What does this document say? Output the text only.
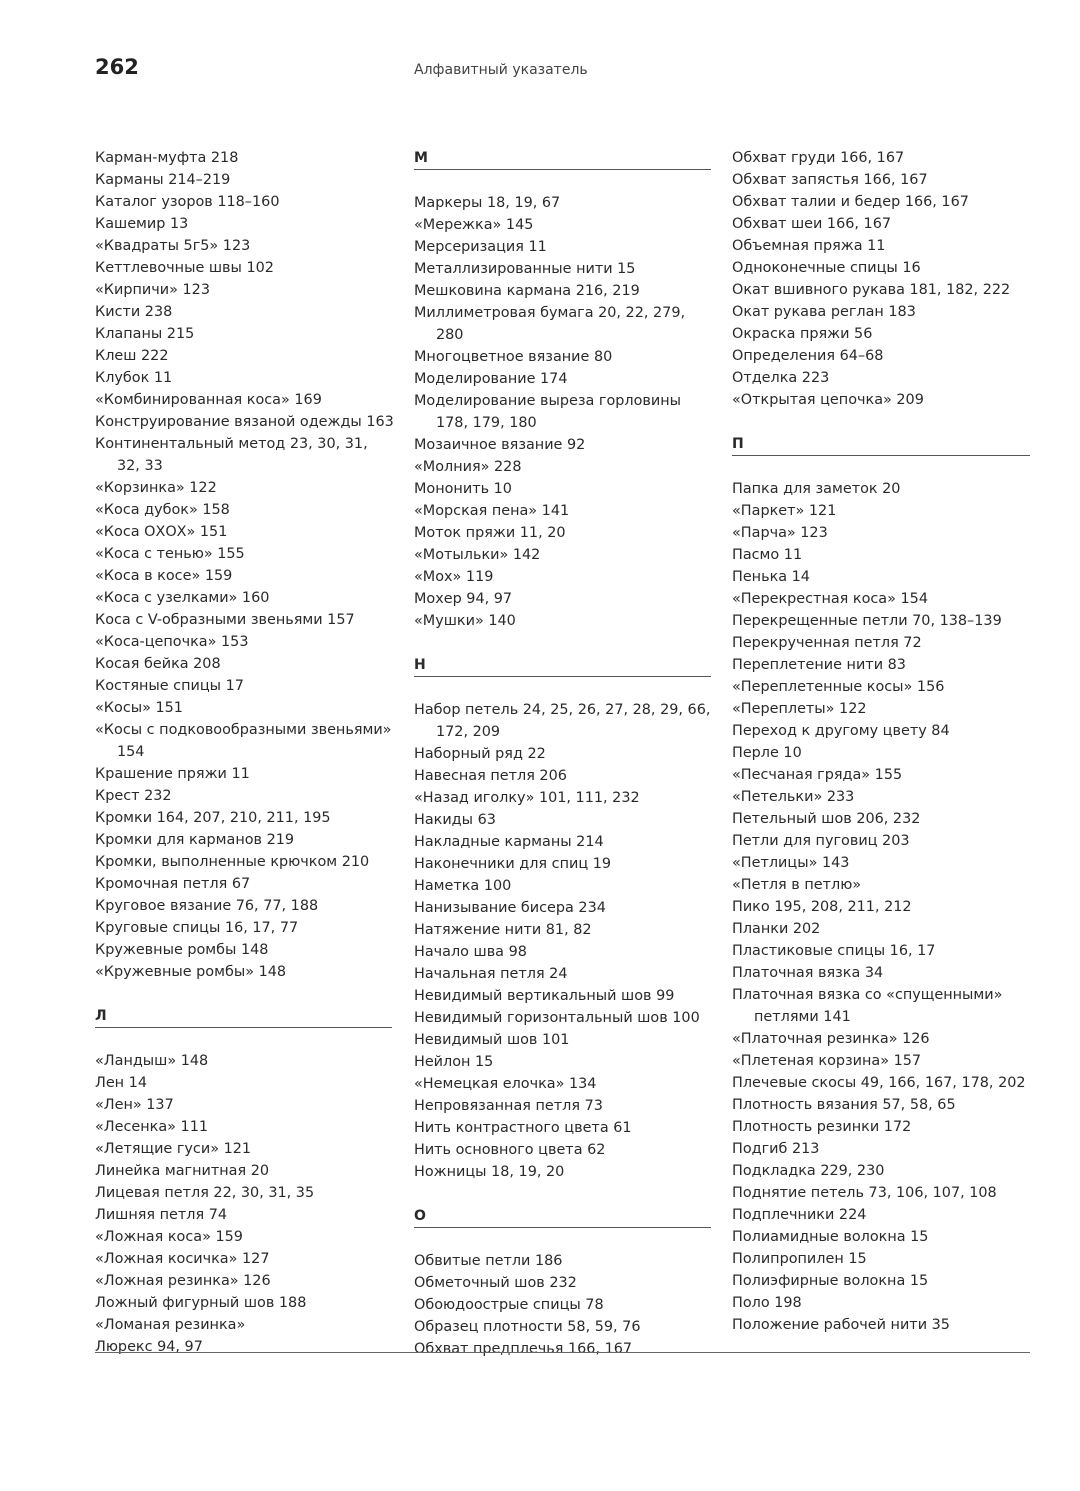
262	Алфавитный указатель
Карман-муфта 218
Карманы 214–219
Каталог узоров 118–160
Кашемир 13
«Квадраты 5г5» 123
Кеттлевочные швы 102
«Кирпичи» 123
Кисти 238
Клапаны 215
Клеш 222
Клубок 11
«Комбинированная коса» 169
Конструирование вязаной одежды 163
Континентальный метод 23, 30, 31, 32, 33
«Корзинка» 122
«Коса дубок» 158
«Коса ОХОХ» 151
«Коса с тенью» 155
«Коса в косе» 159
«Коса с узелками» 160
Коса с V-образными звеньями 157
«Коса-цепочка» 153
Косая бейка 208
Костяные спицы 17
«Косы» 151
«Косы с подковообразными звеньями» 154
Крашение пряжи 11
Крест 232
Кромки 164, 207, 210, 211, 195
Кромки для карманов 219
Кромки, выполненные крючком 210
Кромочная петля 67
Круговое вязание 76, 77, 188
Круговые спицы 16, 17, 77
Кружевные ромбы 148
«Кружевные ромбы» 148
Л
«Ландыш» 148
Лен 14
«Лен» 137
«Лесенка» 111
«Летящие гуси» 121
Линейка магнитная 20
Лицевая петля 22, 30, 31, 35
Лишняя петля 74
«Ложная коса» 159
«Ложная косичка» 127
«Ложная резинка» 126
Ложный фигурный шов 188
«Ломаная резинка»
Люрекс 94, 97
М
Маркеры 18, 19, 67
«Мережка» 145
Мерсеризация 11
Металлизированные нити 15
Мешковина кармана 216, 219
Миллиметровая бумага 20, 22, 279, 280
Многоцветное вязание 80
Моделирование 174
Моделирование выреза горловины 178, 179, 180
Мозаичное вязание 92
«Молния» 228
Мононить 10
«Морская пена» 141
Моток пряжи 11, 20
«Мотыльки» 142
«Мох» 119
Мохер 94, 97
«Мушки» 140
Н
Набор петель 24, 25, 26, 27, 28, 29, 66, 172, 209
Наборный ряд 22
Навесная петля 206
«Назад иголку» 101, 111, 232
Накиды 63
Накладные карманы 214
Наконечники для спиц 19
Наметка 100
Нанизывание бисера 234
Натяжение нити 81, 82
Начало шва 98
Начальная петля 24
Невидимый вертикальный шов 99
Невидимый горизонтальный шов 100
Невидимый шов 101
Нейлон 15
«Немецкая елочка» 134
Непровязанная петля 73
Нить контрастного цвета 61
Нить основного цвета 62
Ножницы 18, 19, 20
О
Обвитые петли 186
Обметочный шов 232
Обоюдоострые спицы 78
Образец плотности 58, 59, 76
Обхват предплечья 166, 167
Обхват груди 166, 167
Обхват запястья 166, 167
Обхват талии и бедер 166, 167
Обхват шеи 166, 167
Объемная пряжа 11
Одноконечные спицы 16
Окат вшивного рукава 181, 182, 222
Окат рукава реглан 183
Окраска пряжи 56
Определения 64–68
Отделка 223
«Открытая цепочка» 209
П
Папка для заметок 20
«Паркет» 121
«Парча» 123
Пасмо 11
Пенька 14
«Перекрестная коса» 154
Перекрещенные петли 70, 138–139
Перекрученная петля 72
Переплетение нити 83
«Переплетенные косы» 156
«Переплеты» 122
Переход к другому цвету 84
Перле 10
«Песчаная гряда» 155
«Петельки» 233
Петельный шов 206, 232
Петли для пуговиц 203
«Петлицы» 143
«Петля в петлю»
Пико 195, 208, 211, 212
Планки 202
Пластиковые спицы 16, 17
Платочная вязка 34
Платочная вязка со «спущенными» петлями 141
«Платочная резинка» 126
«Плетеная корзина» 157
Плечевые скосы 49, 166, 167, 178, 202
Плотность вязания 57, 58, 65
Плотность резинки 172
Подгиб 213
Подкладка 229, 230
Поднятие петель 73, 106, 107, 108
Подплечники 224
Полиамидные волокна 15
Полипропилен 15
Полиэфирные волокна 15
Поло 198
Положение рабочей нити 35
